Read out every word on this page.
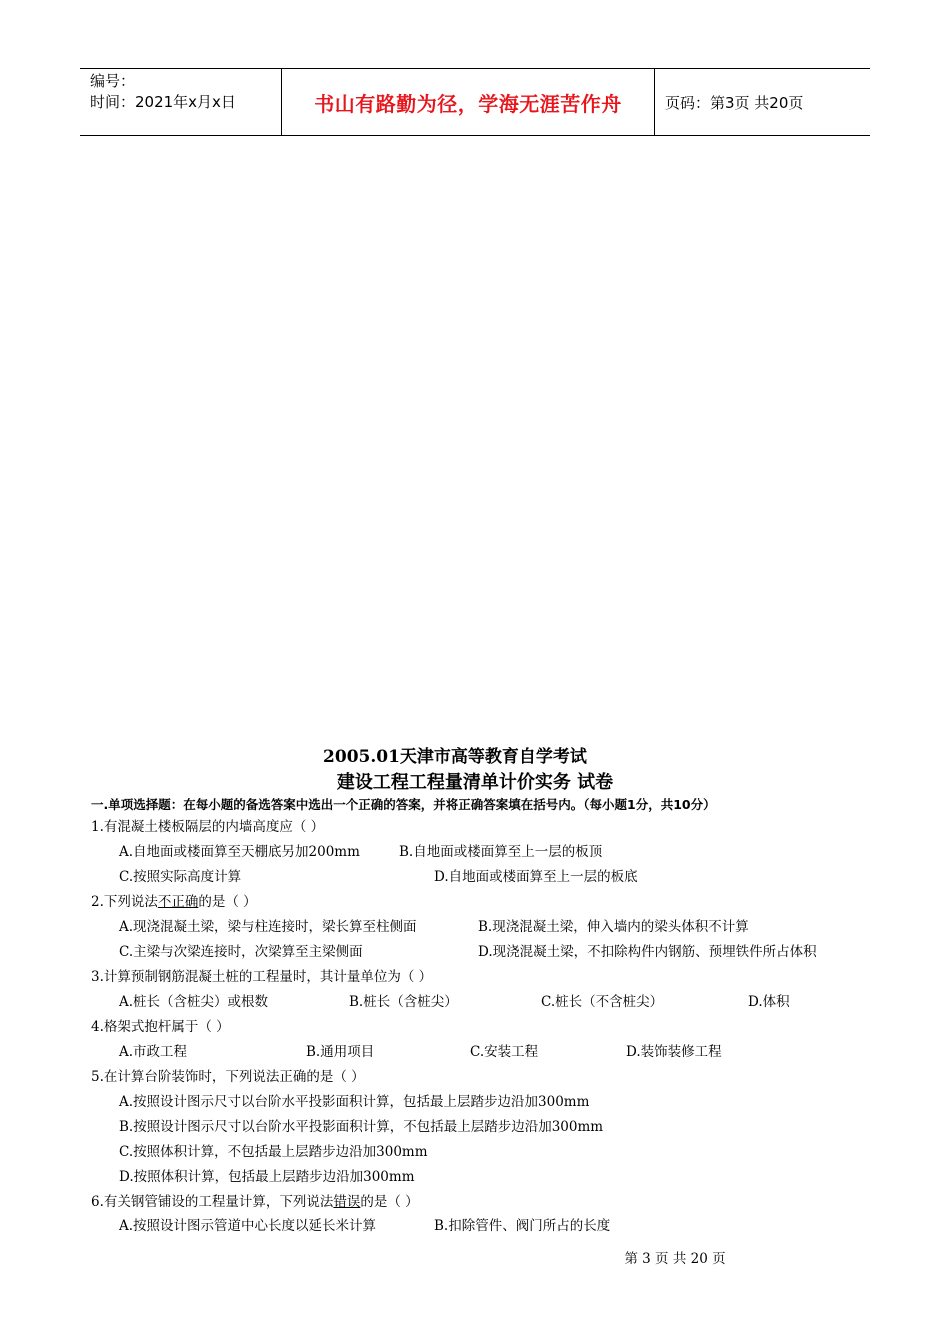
编号：
时间：2021年x月x日	书山有路勤为径，学海无涯苦作舟	页码：第3页 共20页
2005.01天津市高等教育自学考试
建设工程工程量清单计价实务 试卷
一.单项选择题：在每小题的备选答案中选出一个正确的答案，并将正确答案填在括号内。（每小题1分，共10分）
1.有混凝土楼板隔层的内墙高度应（ ）
A.自地面或楼面算至天棚底另加200mm	B.自地面或楼面算至上一层的板顶
C.按照实际高度计算	D.自地面或楼面算至上一层的板底
2.下列说法不正确的是（ ）
A.现浇混凝土梁，梁与柱连接时，梁长算至柱侧面	B.现浇混凝土梁，伸入墙内的梁头体积不计算
C.主梁与次梁连接时，次梁算至主梁侧面	D.现浇混凝土梁，不扣除构件内钢筋、预埋铁件所占体积
3.计算预制钢筋混凝土桩的工程量时，其计量单位为（ ）
A.桩长（含桩尖）或根数	B.桩长（含桩尖）	C.桩长（不含桩尖）	D.体积
4.格架式抱杆属于（ ）
A.市政工程	B.通用项目	C.安装工程	D.装饰装修工程
5.在计算台阶装饰时，下列说法正确的是（ ）
A.按照设计图示尺寸以台阶水平投影面积计算，包括最上层踏步边沿加300mm
B.按照设计图示尺寸以台阶水平投影面积计算，不包括最上层踏步边沿加300mm
C.按照体积计算，不包括最上层踏步边沿加300mm
D.按照体积计算，包括最上层踏步边沿加300mm
6.有关钢管铺设的工程量计算，下列说法错误的是（ ）
A.按照设计图示管道中心长度以延长米计算	B.扣除管件、阀门所占的长度
第 3 页 共 20 页
